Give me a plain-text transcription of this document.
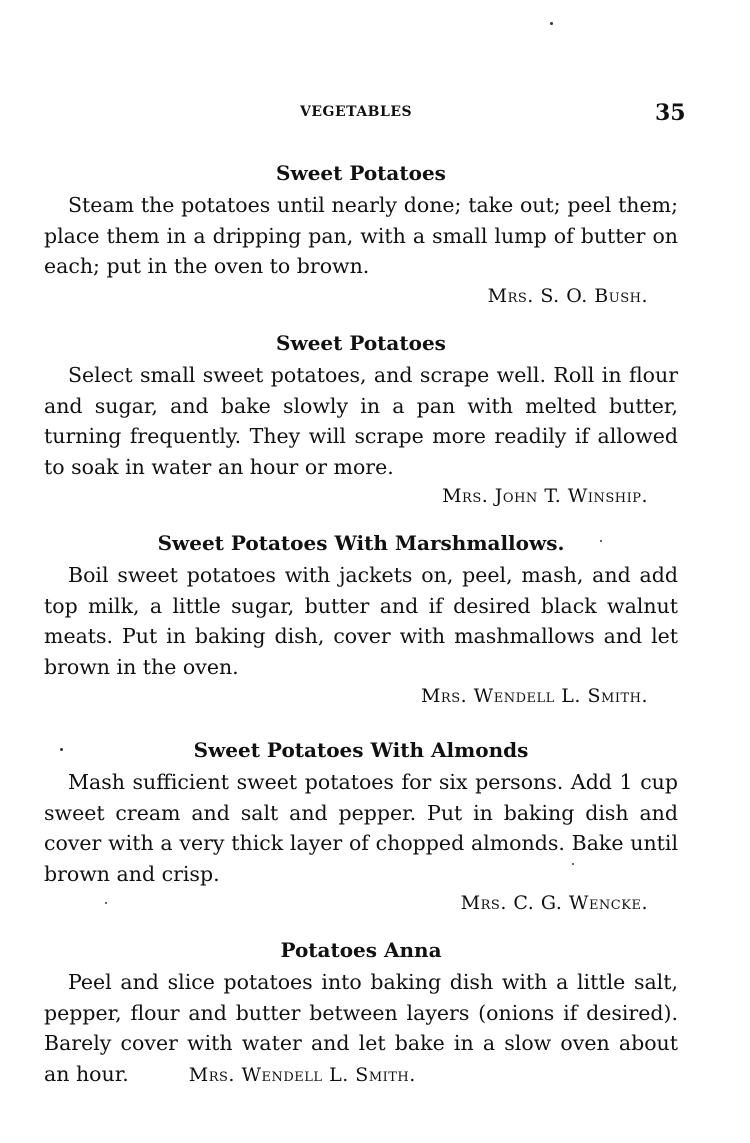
VEGETABLES	35
Sweet Potatoes

Steam the potatoes until nearly done; take out; peel them; place them in a dripping pan, with a small lump of butter on each; put in the oven to brown.

Mrs. S. O. Bush.

Sweet Potatoes

Select small sweet potatoes, and scrape well. Roll in flour and sugar, and bake slowly in a pan with melted butter, turning frequently. They will scrape more readily if allowed to soak in water an hour or more.

Mrs. John T. Winship.

Sweet Potatoes With Marshmallows.

Boil sweet potatoes with jackets on, peel, mash, and add top milk, a little sugar, butter and if desired black walnut meats. Put in baking dish, cover with mashmallows and let brown in the oven.

Mrs. Wendell L. Smith.

Sweet Potatoes With Almonds

Mash sufficient sweet potatoes for six persons. Add 1 cup sweet cream and salt and pepper. Put in baking dish and cover with a very thick layer of chopped almonds. Bake until brown and crisp.

Mrs. C. G. Wencke.

Potatoes Anna

Peel and slice potatoes into baking dish with a little salt, pepper, flour and butter between layers (onions if desired). Barely cover with water and let bake in a slow oven about an hour.	Mrs. Wendell L. Smith.
